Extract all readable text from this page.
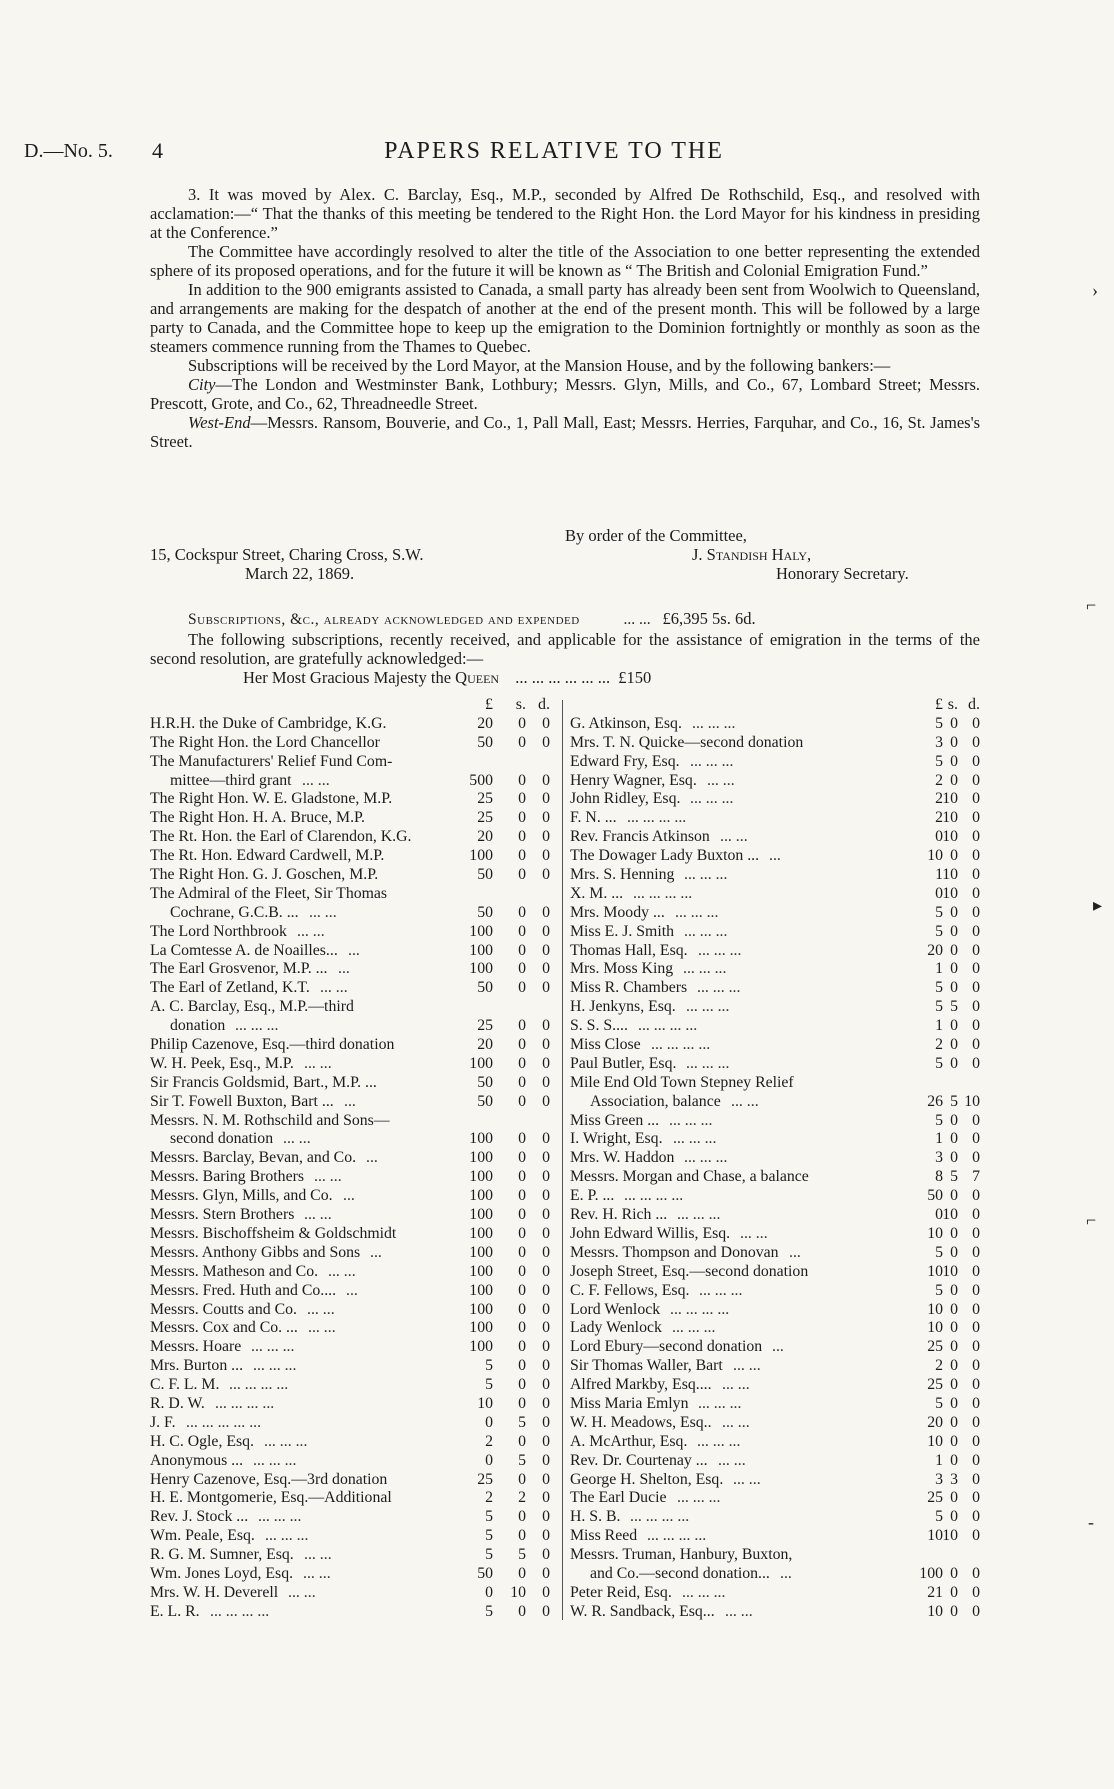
D.—No. 5. 4	PAPERS RELATIVE TO THE

3. It was moved by Alex. C. Barclay, Esq., M.P., seconded by Alfred De Rothschild, Esq., and resolved with acclamation:—“ That the thanks of this meeting be tendered to the Right Hon. the Lord Mayor for his kindness in presiding at the Conference.”

The Committee have accordingly resolved to alter the title of the Association to one better representing the extended sphere of its proposed operations, and for the future it will be known as “ The British and Colonial Emigration Fund.”

In addition to the 900 emigrants assisted to Canada, a small party has already been sent from Woolwich to Queensland, and arrangements are making for the despatch of another at the end of the present month. This will be followed by a large party to Canada, and the Committee hope to keep up the emigration to the Dominion fortnightly or monthly as soon as the steamers commence running from the Thames to Quebec.

Subscriptions will be received by the Lord Mayor, at the Mansion House, and by the following bankers:—

City—The London and Westminster Bank, Lothbury; Messrs. Glyn, Mills, and Co., 67, Lombard Street; Messrs. Prescott, Grote, and Co., 62, Threadneedle Street.

West-End—Messrs. Ransom, Bouverie, and Co., 1, Pall Mall, East; Messrs. Herries, Farquhar, and Co., 16, St. James's Street.

By order of the Committee,
15, Cockspur Street, Charing Cross, S.W.	J. Standish Haly,
March 22, 1869.	Honorary Secretary.
Subscriptions, &c., already acknowledged and expended	... ... £6,395 5s. 6d.

The following subscriptions, recently received, and applicable for the assistance of emigration in the terms of the second resolution, are gratefully acknowledged:—

Her Most Gracious Majesty the Queen ... ... ... ... ... ... £150
£	s. d.
H.R.H. the Duke of Cambridge, K.G.	20	0	0
The Right Hon. the Lord Chancellor	50	0	0
The Manufacturers' Relief Fund Com-
mittee—third grant ... ...	500	0	0
The Right Hon. W. E. Gladstone, M.P.	25	0	0
The Right Hon. H. A. Bruce, M.P.	25	0	0
The Rt. Hon. the Earl of Clarendon, K.G.	20	0	0
The Rt. Hon. Edward Cardwell, M.P.	100	0	0
The Right Hon. G. J. Goschen, M.P.	50	0	0
The Admiral of the Fleet, Sir Thomas
Cochrane, G.C.B. ... ... ...	50	0	0
The Lord Northbrook ... ...	100	0	0
La Comtesse A. de Noailles... ...	100	0	0
The Earl Grosvenor, M.P. ... ...	100	0	0
The Earl of Zetland, K.T. ... ...	50	0	0
A. C. Barclay, Esq., M.P.—third
donation ... ... ...	25	0	0
Philip Cazenove, Esq.—third donation	20	0	0
W. H. Peek, Esq., M.P. ... ...	100	0	0
Sir Francis Goldsmid, Bart., M.P. ...	50	0	0
Sir T. Fowell Buxton, Bart ... ...	50	0	0
Messrs. N. M. Rothschild and Sons—
second donation ... ...	100	0	0
Messrs. Barclay, Bevan, and Co. ...	100	0	0
Messrs. Baring Brothers ... ...	100	0	0
Messrs. Glyn, Mills, and Co. ...	100	0	0
Messrs. Stern Brothers ... ...	100	0	0
Messrs. Bischoffsheim & Goldschmidt	100	0	0
Messrs. Anthony Gibbs and Sons ...	100	0	0
Messrs. Matheson and Co. ... ...	100	0	0
Messrs. Fred. Huth and Co.... ...	100	0	0
Messrs. Coutts and Co. ... ...	100	0	0
Messrs. Cox and Co. ... ... ...	100	0	0
Messrs. Hoare ... ... ...	100	0	0
Mrs. Burton ... ... ... ...	5	0	0
C. F. L. M. ... ... ... ...	5	0	0
R. D. W. ... ... ... ...	10	0	0
J. F. ... ... ... ... ...	0	5	0
H. C. Ogle, Esq. ... ... ...	2	0	0
Anonymous ... ... ... ...	0	5	0
Henry Cazenove, Esq.—3rd donation	25	0	0
H. E. Montgomerie, Esq.—Additional	2	2	0
Rev. J. Stock ... ... ... ...	5	0	0
Wm. Peale, Esq. ... ... ...	5	0	0
R. G. M. Sumner, Esq. ... ...	5	5	0
Wm. Jones Loyd, Esq. ... ...	50	0	0
Mrs. W. H. Deverell ... ...	0	10	0
E. L. R. ... ... ... ...	5	0	0
£ s. d.
G. Atkinson, Esq. ... ... ...	5 0 0
Mrs. T. N. Quicke—second donation	3 0 0
Edward Fry, Esq. ... ... ...	5 0 0
Henry Wagner, Esq. ... ...	2 0 0
John Ridley, Esq. ... ... ...	2 10 0
F. N. ... ... ... ... ...	2 10 0
Rev. Francis Atkinson ... ...	0 10 0
The Dowager Lady Buxton ... ...	10 0 0
Mrs. S. Henning ... ... ...	1 10 0
X. M. ... ... ... ... ...	0 10 0
Mrs. Moody ... ... ... ...	5 0 0
Miss E. J. Smith ... ... ...	5 0 0
Thomas Hall, Esq. ... ... ...	20 0 0
Mrs. Moss King ... ... ...	1 0 0
Miss R. Chambers ... ... ...	5 0 0
H. Jenkyns, Esq. ... ... ...	5 5 0
S. S. S.... ... ... ... ...	1 0 0
Miss Close ... ... ... ...	2 0 0
Paul Butler, Esq. ... ... ...	5 0 0
Mile End Old Town Stepney Relief
Association, balance ... ...	26 5 10
Miss Green ... ... ... ...	5 0 0
I. Wright, Esq. ... ... ...	1 0 0
Mrs. W. Haddon ... ... ...	3 0 0
Messrs. Morgan and Chase, a balance	8 5 7
E. P. ... ... ... ... ...	50 0 0
Rev. H. Rich ... ... ... ...	0 10 0
John Edward Willis, Esq. ... ...	10 0 0
Messrs. Thompson and Donovan ...	5 0 0
Joseph Street, Esq.—second donation	10 10 0
C. F. Fellows, Esq. ... ... ...	5 0 0
Lord Wenlock ... ... ... ...	10 0 0
Lady Wenlock ... ... ...	10 0 0
Lord Ebury—second donation ...	25 0 0
Sir Thomas Waller, Bart ... ...	2 0 0
Alfred Markby, Esq.... ... ...	25 0 0
Miss Maria Emlyn ... ... ...	5 0 0
W. H. Meadows, Esq.. ... ...	20 0 0
A. McArthur, Esq. ... ... ...	10 0 0
Rev. Dr. Courtenay ... ... ...	1 0 0
George H. Shelton, Esq. ... ...	3 3 0
The Earl Ducie ... ... ...	25 0 0
H. S. B. ... ... ... ...	5 0 0
Miss Reed ... ... ... ...	10 10 0
Messrs. Truman, Hanbury, Buxton,
and Co.—second donation... ...	100 0 0
Peter Reid, Esq. ... ... ...	21 0 0
W. R. Sandback, Esq... ... ...	10 0 0
›
⌐
▸
⌐
‑
